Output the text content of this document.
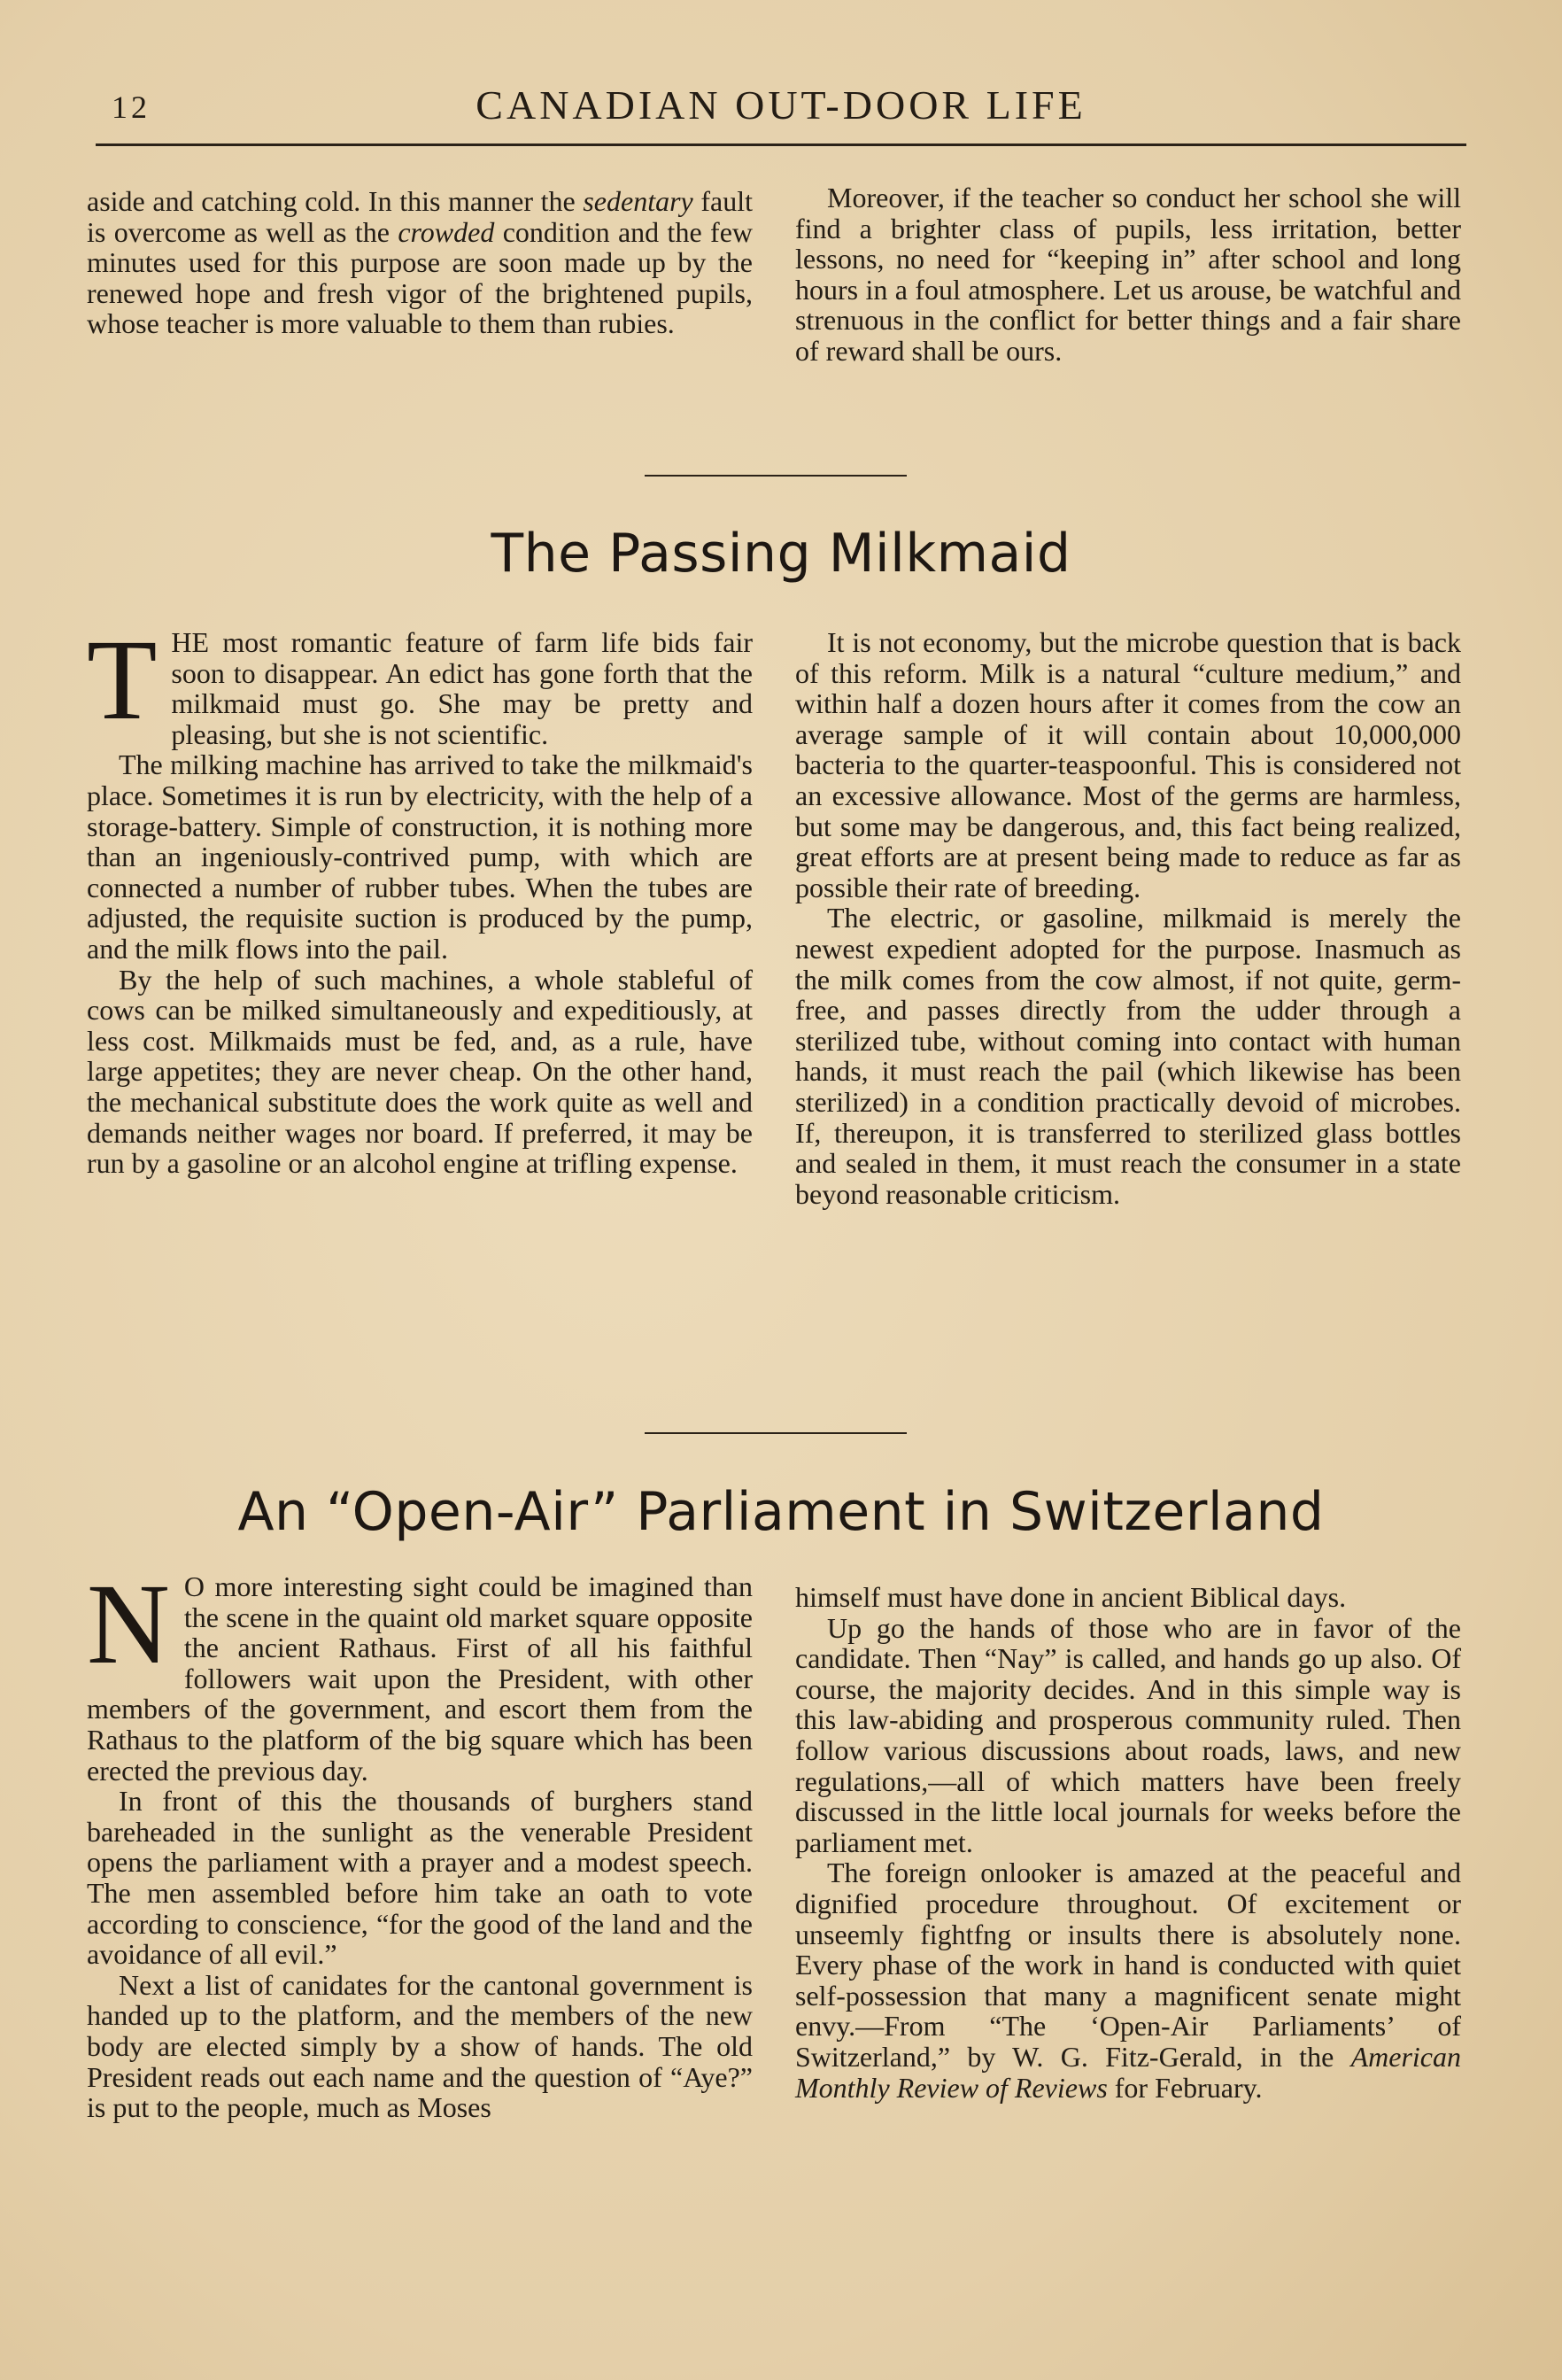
12	CANADIAN OUT-DOOR LIFE

aside and catching cold. In this manner the sedentary fault is overcome as well as the crowded condition and the few minutes used for this purpose are soon made up by the renewed hope and fresh vigor of the brightened pupils, whose teacher is more valuable to them than rubies.

Moreover, if the teacher so conduct her school she will find a brighter class of pupils, less irritation, better lessons, no need for “keeping in” after school and long hours in a foul atmosphere. Let us arouse, be watchful and strenuous in the conflict for better things and a fair share of reward shall be ours.

The Passing Milkmaid

THE most romantic feature of farm life bids fair soon to disappear. An edict has gone forth that the milkmaid must go. She may be pretty and pleasing, but she is not scientific.

The milking machine has arrived to take the milkmaid's place. Sometimes it is run by electricity, with the help of a storage-battery. Simple of construction, it is nothing more than an ingeniously-contrived pump, with which are connected a number of rubber tubes. When the tubes are adjusted, the requisite suction is produced by the pump, and the milk flows into the pail.

By the help of such machines, a whole stableful of cows can be milked simultaneously and expeditiously, at less cost. Milkmaids must be fed, and, as a rule, have large appetites; they are never cheap. On the other hand, the mechanical substitute does the work quite as well and demands neither wages nor board. If preferred, it may be run by a gasoline or an alcohol engine at trifling expense.

It is not economy, but the microbe question that is back of this reform. Milk is a natural “culture medium,” and within half a dozen hours after it comes from the cow an average sample of it will contain about 10,000,000 bacteria to the quarter-teaspoonful. This is considered not an excessive allowance. Most of the germs are harmless, but some may be dangerous, and, this fact being realized, great efforts are at present being made to reduce as far as possible their rate of breeding.

The electric, or gasoline, milkmaid is merely the newest expedient adopted for the purpose. Inasmuch as the milk comes from the cow almost, if not quite, germ-free, and passes directly from the udder through a sterilized tube, without coming into contact with human hands, it must reach the pail (which likewise has been sterilized) in a condition practically devoid of microbes. If, thereupon, it is transferred to sterilized glass bottles and sealed in them, it must reach the consumer in a state beyond reasonable criticism.

An “Open-Air” Parliament in Switzerland

N O more interesting sight could be imagined than the scene in the quaint old market square opposite the ancient Rathaus. First of all his faithful followers wait upon the President, with other members of the government, and escort them from the Rathaus to the platform of the big square which has been erected the previous day.

In front of this the thousands of burghers stand bareheaded in the sunlight as the venerable President opens the parliament with a prayer and a modest speech. The men assembled before him take an oath to vote according to conscience, “for the good of the land and the avoidance of all evil.”

Next a list of canidates for the cantonal government is handed up to the platform, and the members of the new body are elected simply by a show of hands. The old President reads out each name and the question of “Aye?” is put to the people, much as Moses

himself must have done in ancient Biblical days.

Up go the hands of those who are in favor of the candidate. Then “Nay” is called, and hands go up also. Of course, the majority decides. And in this simple way is this law-abiding and prosperous community ruled. Then follow various discussions about roads, laws, and new regulations,—all of which matters have been freely discussed in the little local journals for weeks before the parliament met.

The foreign onlooker is amazed at the peaceful and dignified procedure throughout. Of excitement or unseemly fightfng or insults there is absolutely none. Every phase of the work in hand is conducted with quiet self-possession that many a magnificent senate might envy.—From “The ‘Open-Air Parliaments’ of Switzerland,” by W. G. Fitz-Gerald, in the American Monthly Review of Reviews for February.
